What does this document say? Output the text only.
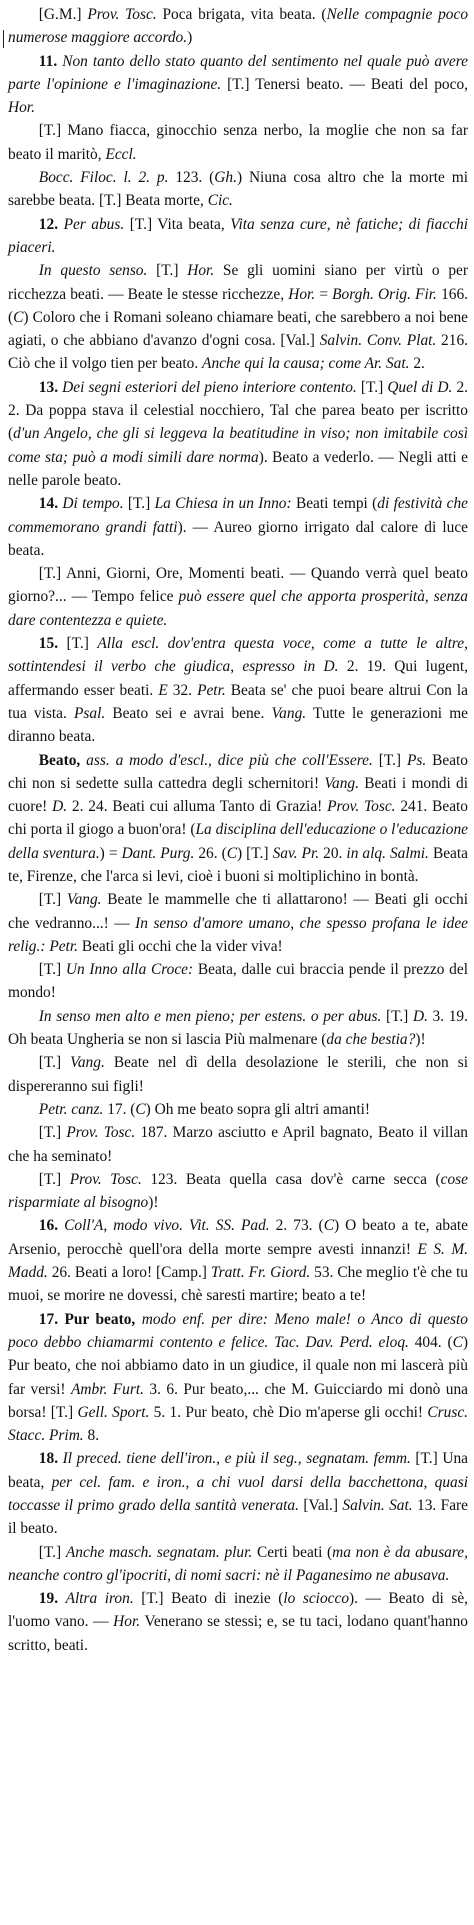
[G.M.] Prov. Tosc. Poca brigata, vita beata. (Nelle compagnie poco numerose maggiore accordo.)

11. Non tanto dello stato quanto del sentimento nel quale può avere parte l'opinione e l'imaginazione. [T.] Tenersi beato. — Beati del poco, Hor.

[T.] Mano fiacca, ginocchio senza nerbo, la moglie che non sa far beato il maritò, Eccl.

Bocc. Filoc. l. 2. p. 123. (Gh.) Niuna cosa altro che la morte mi sarebbe beata. [T.] Beata morte, Cic.

12. Per abus. [T.] Vita beata, Vita senza cure, nè fatiche; di fiacchi piaceri.

In questo senso. [T.] Hor. Se gli uomini siano per virtù o per ricchezza beati. — Beate le stesse ricchezze, Hor. = Borgh. Orig. Fir. 166. (C) Coloro che i Romani soleano chiamare beati, che sarebbero a noi bene agiati, o che abbiano d'avanzo d'ogni cosa. [Val.] Salvin. Conv. Plat. 216. Ciò che il volgo tien per beato. Anche qui la causa; come Ar. Sat. 2.

13. Dei segni esteriori del pieno interiore contento. [T.] Quel di D. 2. 2. Da poppa stava il celestial nocchiero, Tal che parea beato per iscritto (d'un Angelo, che gli si leggeva la beatitudine in viso; non imitabile così come sta; può a modi simili dare norma). Beato a vederlo. — Negli atti e nelle parole beato.

14. Di tempo. [T.] La Chiesa in un Inno: Beati tempi (di festività che commemorano grandi fatti). — Aureo giorno irrigato dal calore di luce beata.

[T.] Anni, Giorni, Ore, Momenti beati. — Quando verrà quel beato giorno?... — Tempo felice può essere quel che apporta prosperità, senza dare contentezza e quiete.

15. [T.] Alla escl. dov'entra questa voce, come a tutte le altre, sottintendesi il verbo che giudica, espresso in D. 2. 19. Qui lugent, affermando esser beati. E 32. Petr. Beata se' che puoi beare altrui Con la tua vista. Psal. Beato sei e avrai bene. Vang. Tutte le generazioni me diranno beata.

Beato, ass. a modo d'escl., dice più che coll'Essere. [T.] Ps. Beato chi non si sedette sulla cattedra degli schernitori! Vang. Beati i mondi di cuore! D. 2. 24. Beati cui alluma Tanto di Grazia! Prov. Tosc. 241. Beato chi porta il giogo a buon'ora! (La disciplina dell'educazione o l'educazione della sventura.) = Dant. Purg. 26. (C) [T.] Sav. Pr. 20. in alq. Salmi. Beata te, Firenze, che l'arca si levi, cioè i buoni si moltiplichino in bontà.

[T.] Vang. Beate le mammelle che ti allattarono! — Beati gli occhi che vedranno...! — In senso d'amore umano, che spesso profana le idee relig.: Petr. Beati gli occhi che la vider viva!

[T.] Un Inno alla Croce: Beata, dalle cui braccia pende il prezzo del mondo!

In senso men alto e men pieno; per estens. o per abus. [T.] D. 3. 19. Oh beata Ungheria se non si lascia Più malmenare (da che bestia?)!

[T.] Vang. Beate nel dì della desolazione le sterili, che non si dispereranno sui figli!

Petr. canz. 17. (C) Oh me beato sopra gli altri amanti!

[T.] Prov. Tosc. 187. Marzo asciutto e April bagnato, Beato il villan che ha seminato!

[T.] Prov. Tosc. 123. Beata quella casa dov'è carne secca (cose risparmiate al bisogno)!

16. Coll'A, modo vivo. Vit. SS. Pad. 2. 73. (C) O beato a te, abate Arsenio, perocchè quell'ora della morte sempre avesti innanzi! E S. M. Madd. 26. Beati a loro! [Camp.] Tratt. Fr. Giord. 53. Che meglio t'è che tu muoi, se morire ne dovessi, chè saresti martire; beato a te!

17. Pur beato, modo enf. per dire: Meno male! o Anco di questo poco debbo chiamarmi contento e felice. Tac. Dav. Perd. eloq. 404. (C) Pur beato, che noi abbiamo dato in un giudice, il quale non mi lascerà più far versi! Ambr. Furt. 3. 6. Pur beato,... che M. Guicciardo mi donò una borsa! [T.] Gell. Sport. 5. 1. Pur beato, chè Dio m'aperse gli occhi! Crusc. Stacc. Prim. 8.

18. Il preced. tiene dell'iron., e più il seg., segnatam. femm. [T.] Una beata, per cel. fam. e iron., a chi vuol darsi della bacchettona, quasi toccasse il primo grado della santità venerata. [Val.] Salvin. Sat. 13. Fare il beato.

[T.] Anche masch. segnatam. plur. Certi beati (ma non è da abusare, neanche contro gl'ipocriti, di nomi sacri: nè il Paganesimo ne abusava.

19. Altra iron. [T.] Beato di inezie (lo sciocco). — Beato di sè, l'uomo vano. — Hor. Venerano se stessi; e, se tu taci, lodano quant'hanno scritto, beati.
